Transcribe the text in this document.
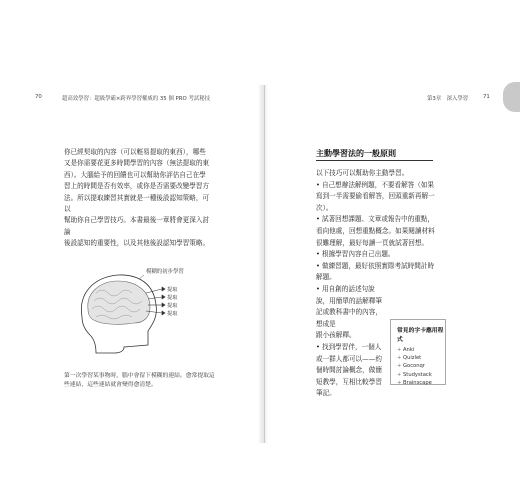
70	超高效學習：超級學霸×跨界學習權威的 35 個 PRO 考試秘技

你已經契取的內容（可以輕易提取的東西），哪些

又是你需要花更多時間學習的內容（無法提取的東

西）。大腦給予的回饋也可以幫助你評估自己在學

習上的時間是否有效率，或你是否需要改變學習方

法。所以提取練習其實就是一種後設認知策略，可以

幫助你自己學習技巧。本書最後一章將會更深入討論

後設認知的重要性，以及其他後設認知學習策略。

模糊的初步學習
提取
提取
提取
提取
第一次學習某事物時，腦中會留下模糊的連結。愈常提取這些連結，這些連結就會變得愈清楚。
第3章　深入學習	71
主動學習法的一般原則

以下技巧可以幫助你主動學習。

• 自己想辦法解例題，不要看解答（如果寫到一半需要偷看解答，回頭重新再解一次）。

• 試著回想課題、文章或報告中的重點，看向他處，回想重點概念。如果閱讀材料很難理解，最好每讀一頁就試著回想。

• 根據學習內容自己出題。

• 做練習題，最好依照實際考試時間計時解題。

• 用自創的話述句說說，用簡單的話解釋筆記或教科書中的內容，想成是

跟小孩解釋。

• 找到學習伴，一個人或一群人都可以——約個時間討論概念，做簡短教學，互相比較學習筆記。

常見的字卡應用程式
+ Anki
+ Quizlet
+ Goconqr
+ Studystack
+ Brainscape
